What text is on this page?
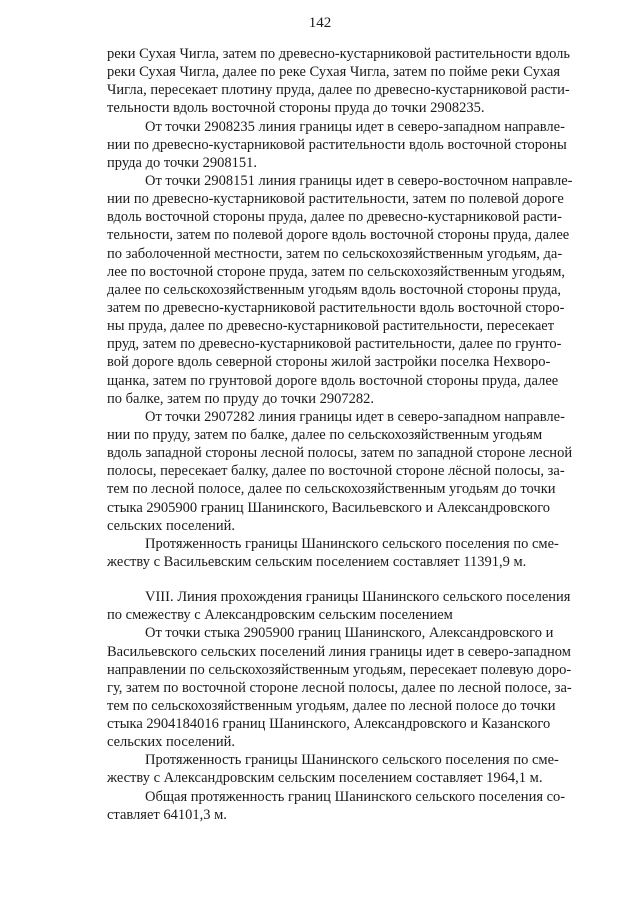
142
реки Сухая Чигла, затем по древесно-кустарниковой растительности вдоль
реки Сухая Чигла, далее по реке Сухая Чигла, затем по пойме реки Сухая
Чигла, пересекает плотину пруда, далее по древесно-кустарниковой расти-
тельности вдоль восточной стороны пруда до точки 2908235.
От точки 2908235 линия границы идет в северо-западном направле-
нии по древесно-кустарниковой растительности вдоль восточной стороны
пруда до точки 2908151.
От точки 2908151 линия границы идет в северо-восточном направле-
нии по древесно-кустарниковой растительности, затем по полевой дороге
вдоль восточной стороны пруда, далее по древесно-кустарниковой расти-
тельности, затем по полевой дороге вдоль восточной стороны пруда, далее
по заболоченной местности, затем по сельскохозяйственным угодьям, да-
лее по восточной стороне пруда, затем по сельскохозяйственным угодьям,
далее по сельскохозяйственным угодьям вдоль восточной стороны пруда,
затем по древесно-кустарниковой растительности вдоль восточной сторо-
ны пруда, далее по древесно-кустарниковой растительности, пересекает
пруд, затем по древесно-кустарниковой растительности, далее по грунто-
вой дороге вдоль северной стороны жилой застройки поселка Нехворо-
щанка, затем по грунтовой дороге вдоль восточной стороны пруда, далее
по балке, затем по пруду до точки 2907282.
От точки 2907282 линия границы идет в северо-западном направле-
нии по пруду, затем по балке, далее по сельскохозяйственным угодьям
вдоль западной стороны лесной полосы, затем по западной стороне лесной
полосы, пересекает балку, далее по восточной стороне лёсной полосы, за-
тем по лесной полосе, далее по сельскохозяйственным угодьям до точки
стыка 2905900 границ Шанинского, Васильевского и Александровского
сельских поселений.
Протяженность границы Шанинского сельского поселения по сме-
жеству с Васильевским сельским поселением составляет 11391,9 м.
VIII. Линия прохождения границы Шанинского сельского поселения
по смежеству с Александровским сельским поселением
От точки стыка 2905900 границ Шанинского, Александровского и
Васильевского сельских поселений линия границы идет в северо-западном
направлении по сельскохозяйственным угодьям, пересекает полевую доро-
гу, затем по восточной стороне лесной полосы, далее по лесной полосе, за-
тем по сельскохозяйственным угодьям, далее по лесной полосе до точки
стыка 2904184016 границ Шанинского, Александровского и Казанского
сельских поселений.
Протяженность границы Шанинского сельского поселения по сме-
жеству с Александровским сельским поселением составляет 1964,1 м.
Общая протяженность границ Шанинского сельского поселения со-
ставляет 64101,3 м.
